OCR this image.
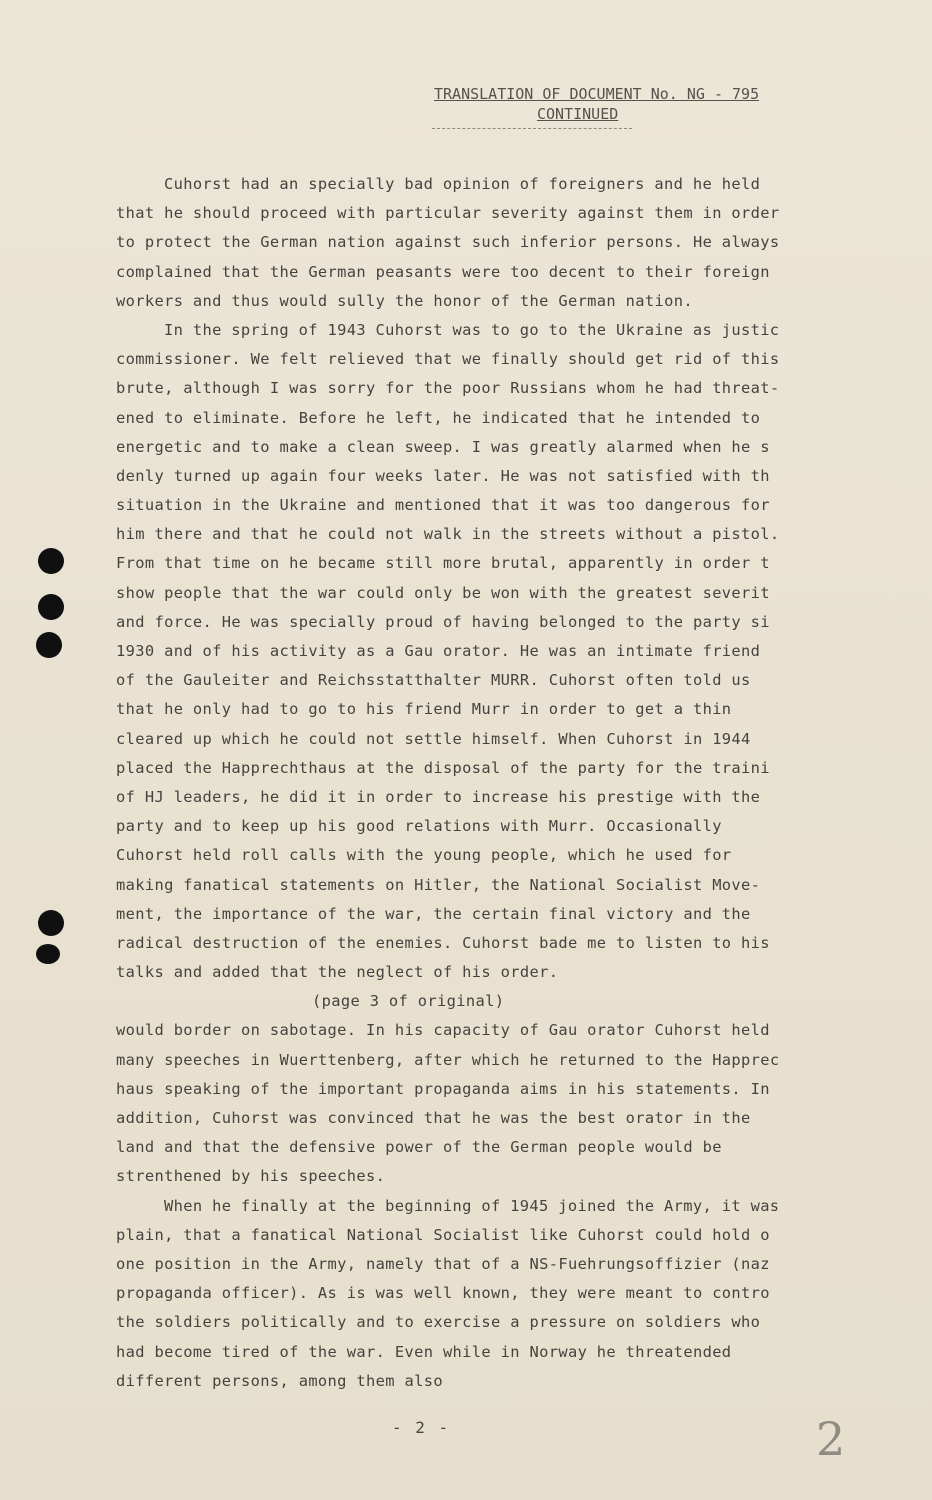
TRANSLATION OF DOCUMENT No. NG - 795
CONTINUED
Cuhorst had an specially bad opinion of foreigners and he held
that he should proceed with particular severity against them in order
to protect the German nation against such inferior persons. He always
complained that the German peasants were too decent to their foreign
workers and thus would sully the honor of the German nation.
In the spring of 1943 Cuhorst was to go to the Ukraine as justic
commissioner. We felt relieved that we finally should get rid of this
brute, although I was sorry for the poor Russians whom he had threat-
ened to eliminate. Before he left, he indicated that he intended to
energetic and to make a clean sweep. I was greatly alarmed when he s
denly turned up again four weeks later. He was not satisfied with th
situation in the Ukraine and mentioned that it was too dangerous for
him there and that he could not walk in the streets without a pistol.
From that time on he became still more brutal, apparently in order t
show people that the war could only be won with the greatest severit
and force. He was specially proud of having belonged to the party si
1930 and of his activity as a Gau orator. He was an intimate friend
of the Gauleiter and Reichsstatthalter MURR. Cuhorst often told us
that he only had to go to his friend Murr in order to get a thin
cleared up which he could not settle himself. When Cuhorst in 1944
placed the Happrechthaus at the disposal of the party for the traini
of HJ leaders, he did it in order to increase his prestige with the
party and to keep up his good relations with Murr. Occasionally
Cuhorst held roll calls with the young people, which he used for
making fanatical statements on Hitler, the National Socialist Move-
ment, the importance of the war, the certain final victory and the
radical destruction of the enemies. Cuhorst bade me to listen to his
talks and added that the neglect of his order.
(page 3 of original)
would border on sabotage. In his capacity of Gau orator Cuhorst held
many speeches in Wuerttenberg, after which he returned to the Happrec
haus speaking of the important propaganda aims in his statements. In
addition, Cuhorst was convinced that he was the best orator in the
land and that the defensive power of the German people would be
strenthened by his speeches.
When he finally at the beginning of 1945 joined the Army, it was
plain, that a fanatical National Socialist like Cuhorst could hold o
one position in the Army, namely that of a NS-Fuehrungsoffizier (naz
propaganda officer). As is was well known, they were meant to contro
the soldiers politically and to exercise a pressure on soldiers who
had become tired of the war. Even while in Norway he threatended
different persons, among them also
- 2 -	2
